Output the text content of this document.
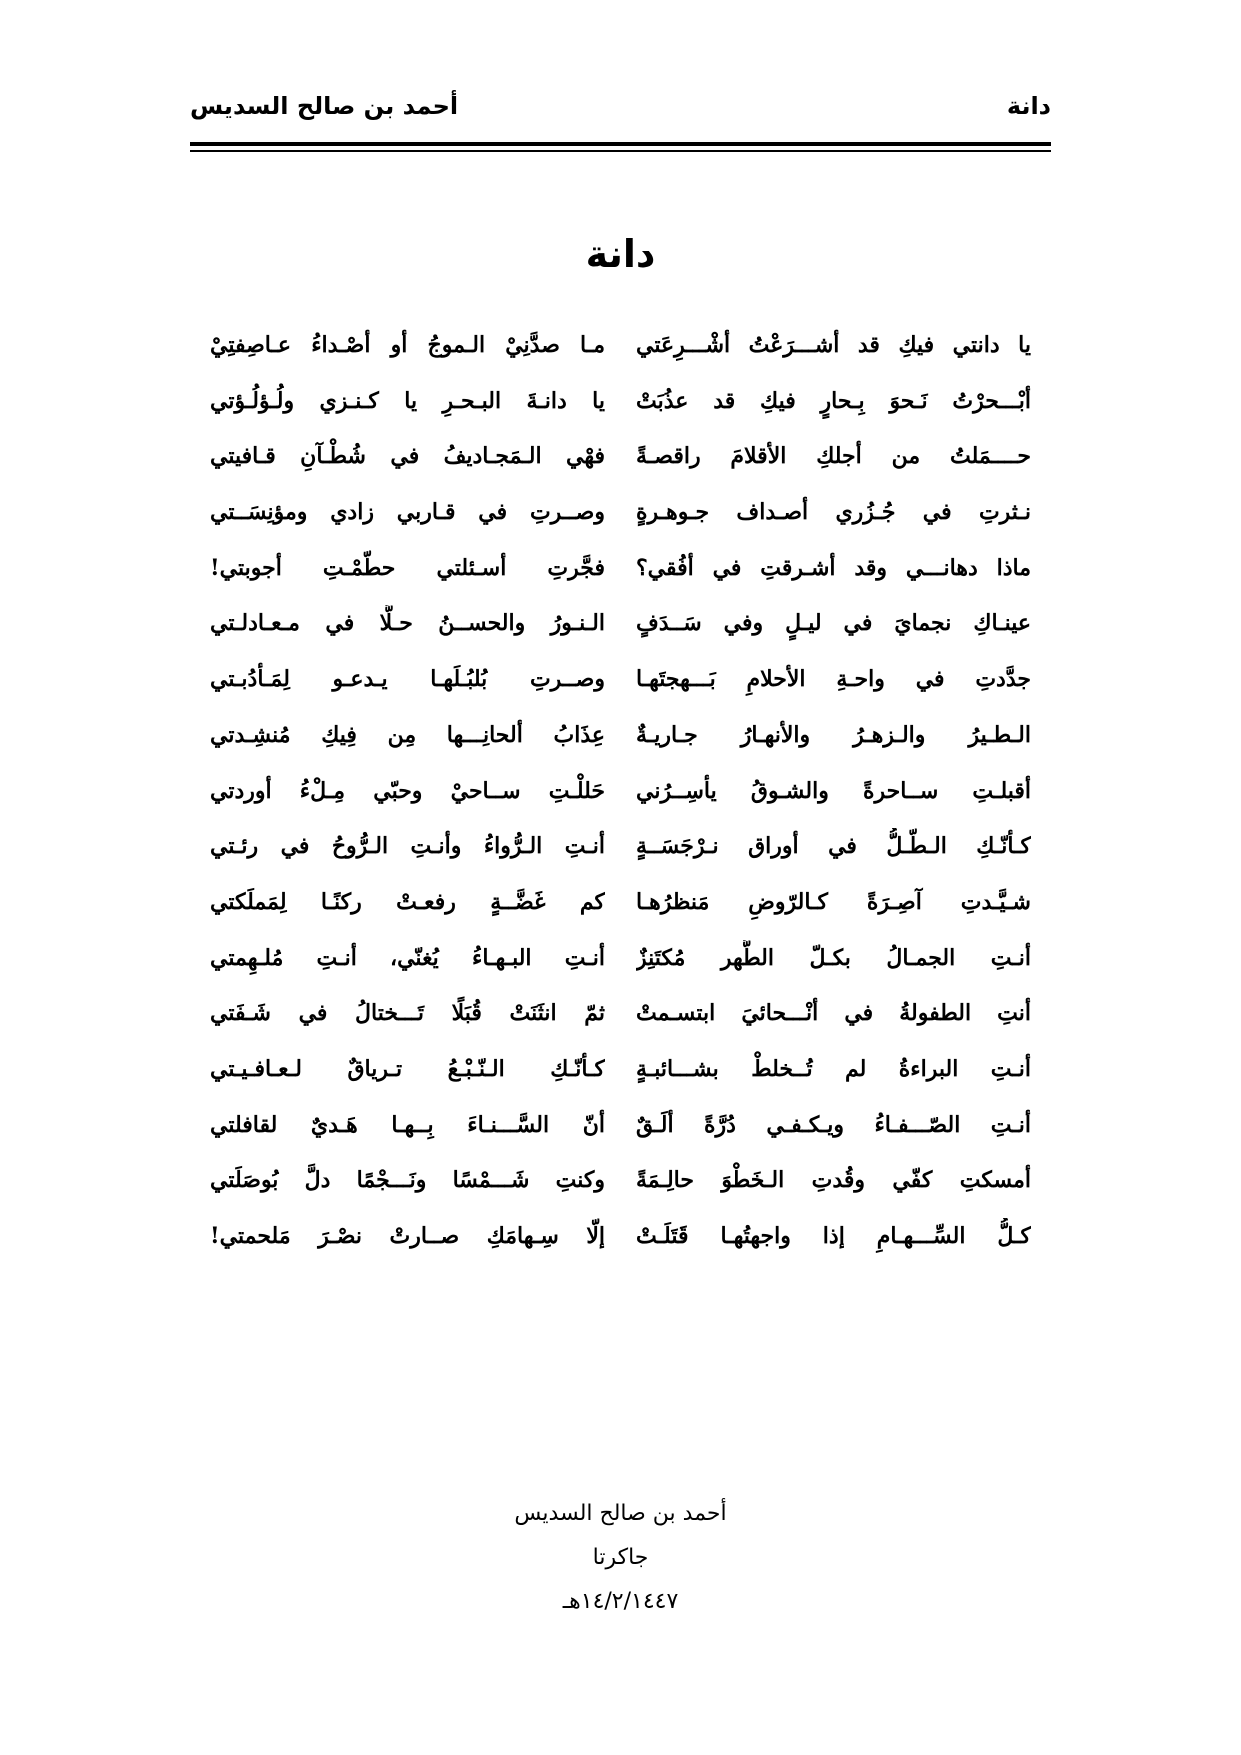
دانة
أحمد بن صالح السديس
دانة
يا دانتي فيكِ قد أشـــرَعْتُ أشْـــرِعَتي
مـا صدَّنِيْ الـموجُ أو أصْـداءُ عـاصِفتِيْ
أبْـــحرْتُ نَـحوَ بِـحارٍ فيكِ قد عذُبَتْ
يا دانـةَ البـحـرِ يا كـنـزي ولُـؤلُـؤتي
حــــمَلتُ من أجلكِ الأقلامَ راقصـةً
فهْي الـمَجـاديفُ في شُطْـآنِ قـافيتي
نـثرتِ في جُـزُري أصـداف جـوهـرةٍ
وصــرتِ في قـاربي زادي ومؤنِسَــتي
ماذا دهانـــي وقد أشـرقتِ في أفُقي؟
فجَّرتِ أسـئلتي حطّمْـتِ أجوبتي!
عينـاكِ نجمايَ في ليـلٍ وفي سَــدَفٍ
الـنـورُ والحســنُ حـلَّا في مـعـادلـتي
جدَّدتِ في واحـةِ الأحلامِ بَـــهجتَهـا
وصــرتِ بُلبُـلَهـا يـدعـو لِمَـأدُبـتي
الـطـيرُ والـزهـرُ والأنهـارُ جـاريـةٌ
عِذَابُ ألحانِـــها مِن فِيكِ مُنشِـدتي
أقبلـتِ ســاحرةً والشـوقُ يأسِــرُني
حَللْـتِ ســاحيْ وحبّي مِـلْءُ أوردتي
كـأنّـكِ الـطّـلُّ في أوراق نـرْجَسَــةٍ
أنـتِ الـرُّواءُ وأنـتِ الـرُّوحُ في رئـتي
شـيَّـدتِ آصِـرَةً كـالرّوضِ مَنظرُهـا
كم غَضَّــةٍ رفعـتْ ركنًـا لِمَملَكتي
أنـتِ الجمـالُ بكـلّ الطُّهر مُكتَنِزٌ
أنـتِ البـهـاءُ يُغنّي، أنـتِ مُلـهِمتي
أنتِ الطفولةُ في أنْـــحائيَ ابتسـمتْ
ثمّ انثَنَتْ قُبَلًا تَـــختالُ في شَـفَتي
أنـتِ البراءةُ لم تُــخلطْ بشـــائبـةٍ
كـأنّـكِ الـنّـبْـعُ تـرياقٌ لـعـافـيـتي
أنـتِ الصّـــفـاءُ ويـكـفـي دُرَّةً ألَـقٌ
أنّ السَّـــنـاءَ بِــهـا هَـديٌ لقافلتي
أمسكتِ كفّي وقُدتِ الـخَطْوَ حالِـمَةً
وكنتِ شَـــمْسًا ونَـــجْمًا دلَّ بُوصَلَتي
كـلُّ السِّـــهـامِ إذا واجهتُهـا قَتَلَـتْ
إلّا سِـهامَكِ صــارتْ نصْـرَ مَلحمتي!
أحمد بن صالح السديس
جاكرتا
١٤/٢/١٤٤٧هـ
